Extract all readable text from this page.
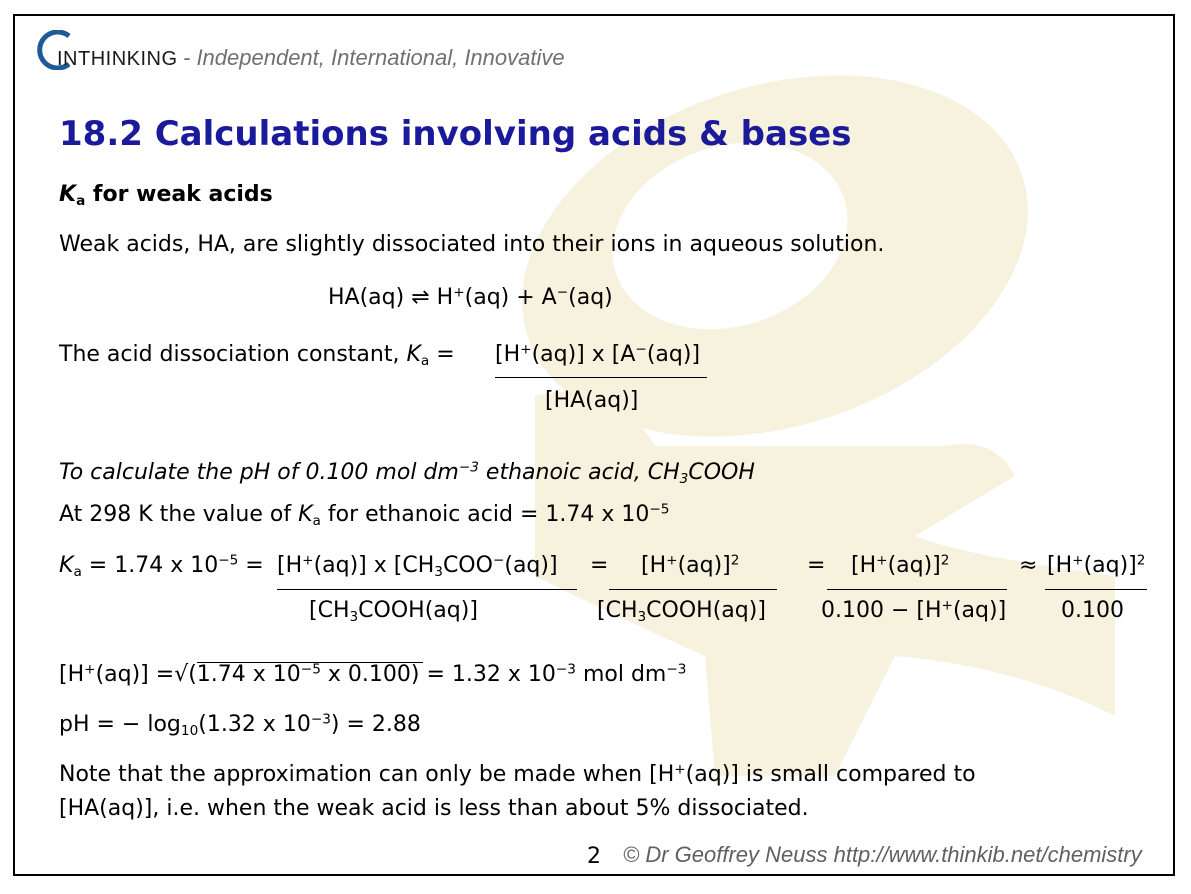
INTHINKING - Independent, International, Innovative
18.2 Calculations involving acids & bases
$K_a$ for weak acids
Weak acids, HA, are slightly dissociated into their ions in aqueous solution.
HA(aq) ⇌ H+(aq) + A−(aq)
The acid dissociation constant, $K_a = [H^+(aq)]$ x [A−(aq)]
[HA(aq)]
To calculate the pH of 0.100 mol $dm^{-3}$ ethanoic acid, $CH_3COOH$
At 298 K the value of $K_a$ for ethanoic acid = 1.74 x $10^{-5}$
$K_a = 1.74$ x $10^{-5} = [H^+(aq)]$ x $[CH_3COO^-(aq)]$
$[CH_3COOH(aq)]$
= $[H^+(aq)]^2$
$[CH_3COOH(aq)]$
= $[H^+(aq)]^2$
0.100 − [H+(aq)]
≈ $[H^+(aq)]^2$
0.100
[H+(aq)] =√(1.74 x $10^{-5}$ x 0.100) = 1.32 x $10^{-3}$ mol $dm^{-3}$
pH = − $\log_{10}(1.32$ x $10^{-3}) = 2.88$
Note that the approximation can only be made when [H+(aq)] is small compared to
[HA(aq)], i.e. when the weak acid is less than about 5% dissociated.
2 © Dr Geoffrey Neuss http://www.thinkib.net/chemistry
